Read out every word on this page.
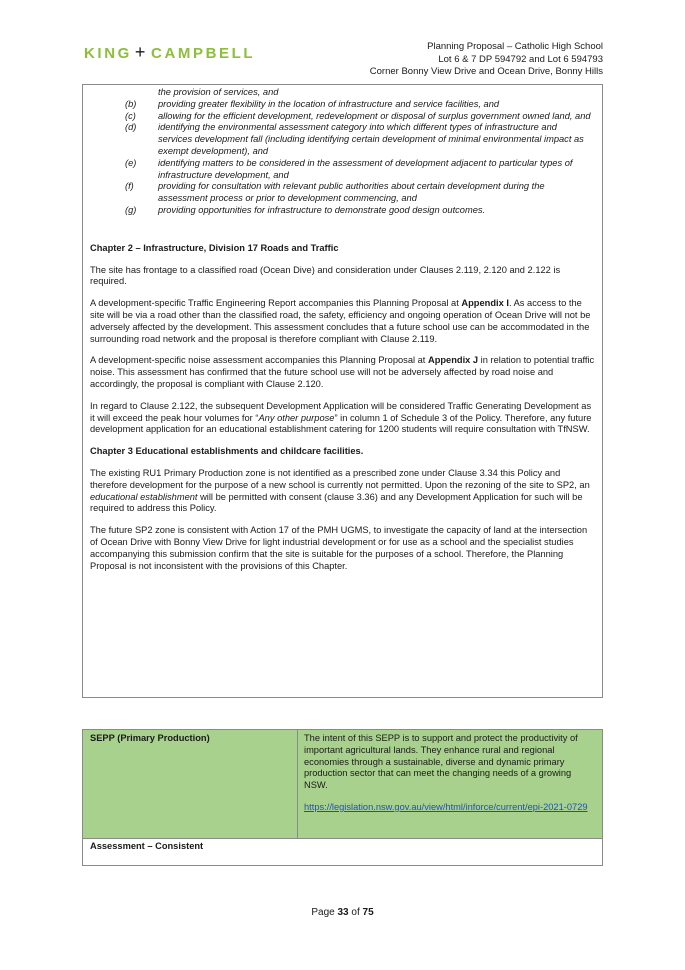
KING + CAMPBELL	Planning Proposal – Catholic High School
Lot 6 & 7 DP 594792 and Lot 6 594793
Corner Bonny View Drive and Ocean Drive, Bonny Hills
the provision of services, and
(b) providing greater flexibility in the location of infrastructure and service facilities, and
(c) allowing for the efficient development, redevelopment or disposal of surplus government owned land, and
(d) identifying the environmental assessment category into which different types of infrastructure and
services development fall (including identifying certain development of minimal environmental impact as
exempt development), and
(e) identifying matters to be considered in the assessment of development adjacent to particular types of
infrastructure development, and
(f)	providing for consultation with relevant public authorities about certain development during the
assessment process or prior to development commencing, and
(g) providing opportunities for infrastructure to demonstrate good design outcomes.

Chapter 2 – Infrastructure, Division 17 Roads and Traffic

The site has frontage to a classified road (Ocean Dive) and consideration under Clauses 2.119, 2.120 and 2.122 is required.

A development-specific Traffic Engineering Report accompanies this Planning Proposal at Appendix I. As access to the site will be via a road other than the classified road, the safety, efficiency and ongoing operation of Ocean Drive will not be adversely affected by the development. This assessment concludes that a future school use can be accommodated in the surrounding road network and the proposal is therefore compliant with Clause 2.119.

A development-specific noise assessment accompanies this Planning Proposal at Appendix J in relation to potential traffic noise. This assessment has confirmed that the future school use will not be adversely affected by road noise and accordingly, the proposal is compliant with Clause 2.120.

In regard to Clause 2.122, the subsequent Development Application will be considered Traffic Generating Development as it will exceed the peak hour volumes for “Any other purpose” in column 1 of Schedule 3 of the Policy. Therefore, any future development application for an educational establishment catering for 1200 students will require consultation with TfNSW.

Chapter 3 Educational establishments and childcare facilities.

The existing RU1 Primary Production zone is not identified as a prescribed zone under Clause 3.34 this Policy and therefore development for the purpose of a new school is currently not permitted. Upon the rezoning of the site to SP2, an educational establishment will be permitted with consent (clause 3.36) and any Development Application for such will be required to address this Policy.

The future SP2 zone is consistent with Action 17 of the PMH UGMS, to investigate the capacity of land at the intersection of Ocean Drive with Bonny View Drive for light industrial development or for use as a school and the specialist studies accompanying this submission confirm that the site is suitable for the purposes of a school. Therefore, the Planning Proposal is not inconsistent with the provisions of this Chapter.

SEPP (Primary Production)	The intent of this SEPP is to support and protect the productivity of important agricultural lands. They enhance rural and regional economies through a sustainable, diverse and dynamic primary production sector that can meet the changing needs of a growing NSW.
https://legislation.nsw.gov.au/view/html/inforce/current/epi-2021-0729
Assessment – Consistent
Page 33 of 75
